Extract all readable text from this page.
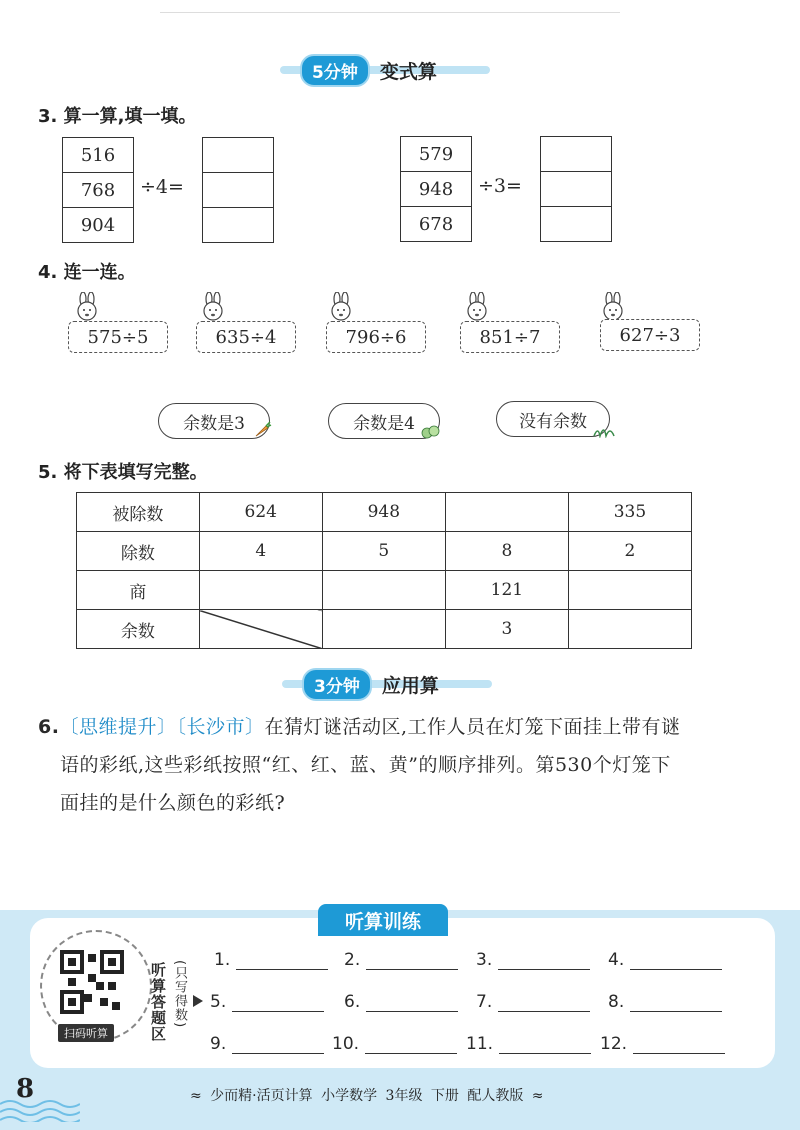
5分钟	变式算
3. 算一算,填一填。
516
768
904
÷4=
579
948
678
÷3=
4. 连一连。
575÷5	635÷4	796÷6	851÷7	627÷3
余数是3	余数是4	没有余数
5. 将下表填写完整。
被除数	624	948		335
除数	4	5	8	2
商			121	
余数			3	
3分钟	应用算
6.〔思维提升〕〔长沙市〕在猜灯谜活动区,工作人员在灯笼下面挂上带有谜
语的彩纸,这些彩纸按照“红、红、蓝、黄”的顺序排列。第530个灯笼下
面挂的是什么颜色的彩纸?
听算训练
扫码听算	听算答题区 (只写得数) 1.	2.	3.	4.
5.	6.	7.	8.
9.	10.	11.	12.
8	≈ 少而精·活页计算 小学数学 3年级 下册 配人教版 ≈
